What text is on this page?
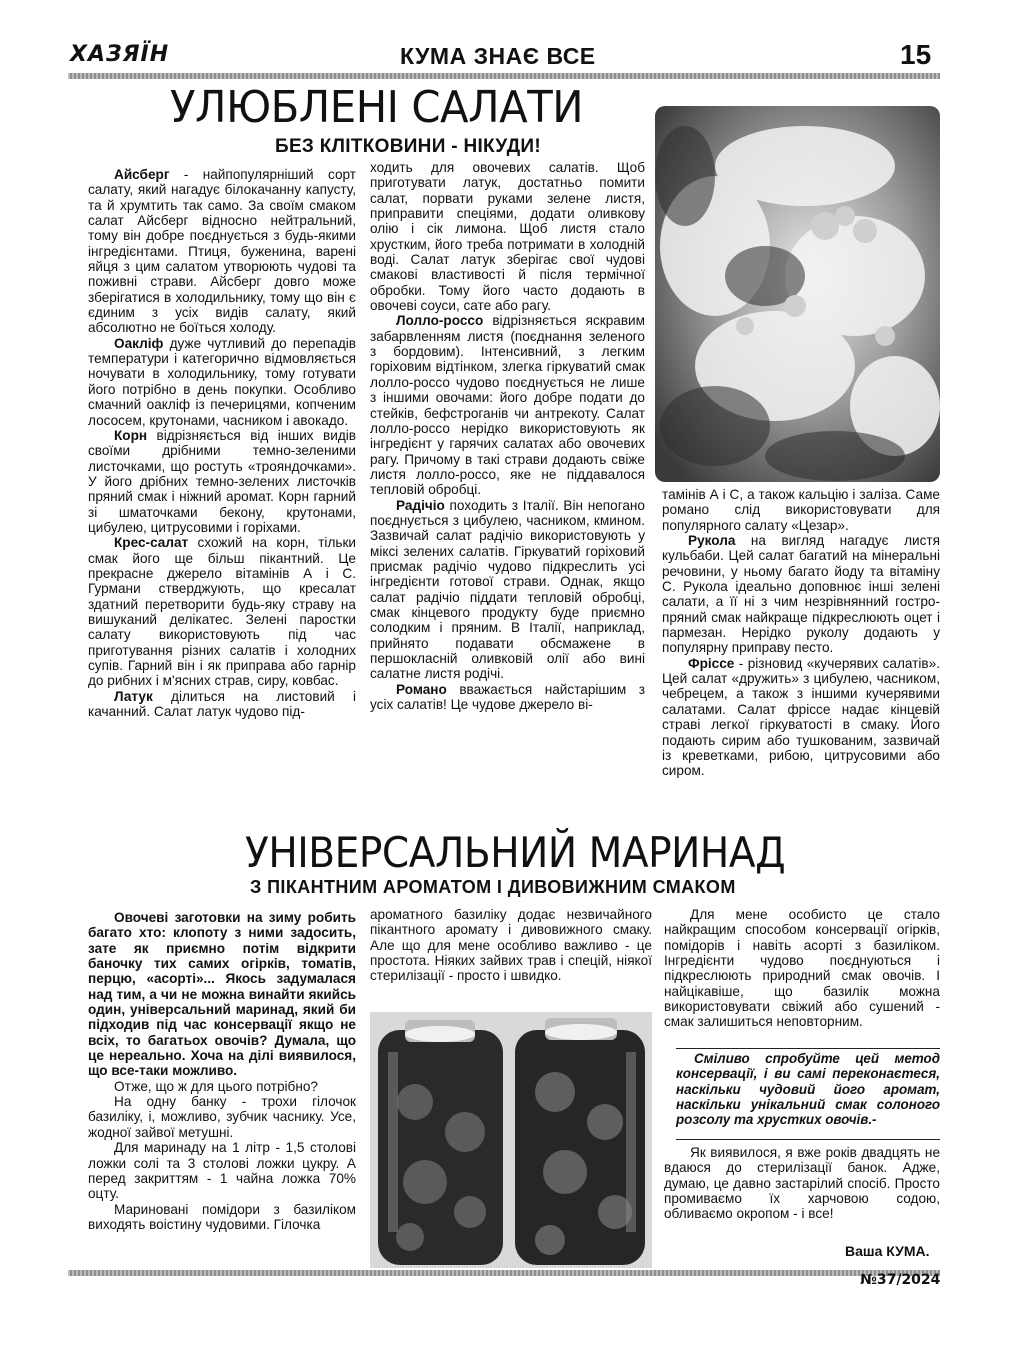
ХАЗЯЇН	КУМА ЗНАЄ ВСЕ	15
УЛЮБЛЕНІ САЛАТИ
БЕЗ КЛІТКОВИНИ - НІКУДИ!

Айсберг - найпопулярніший сорт салату, який нагадує білокачанну капусту, та й хрумтить так само. За своїм смаком салат Айсберг відносно нейтральний, тому він добре поєднується з будь-якими інгредієнтами. Птиця, буженина, варені яйця з цим салатом утворюють чудові та поживні страви. Айсберг довго може зберігатися в холодильнику, тому що він є єдиним з усіх видів салату, який абсолютно не боїться холоду.

Оакліф дуже чутливий до перепадів температури і категорично відмовляється ночувати в холодильнику, тому готувати його потрібно в день покупки. Особливо смачний оакліф із печерицями, копченим лососем, крутонами, часником і авокадо.

Корн відрізняється від інших видів своїми дрібними темно-зеленими листочками, що ростуть «трояндочками». У його дрібних темно-зелених листочків пряний смак і ніжний аромат. Корн гарний зі шматочками бекону, крутонами, цибулею, цитрусовими і горіхами.

Крес-салат схожий на корн, тільки смак його ще більш пікантний. Це прекрасне джерело вітамінів А і С. Гурмани стверджують, що кресалат здатний перетворити будь-яку страву на вишуканий делікатес. Зелені паростки салату використовують під час приготування різних салатів і холодних супів. Гарний він і як приправа або гарнір до рибних і м'ясних страв, сиру, ковбас.

Латук ділиться на листовий і качанний. Салат латук чудово під-

ходить для овочевих салатів. Щоб приготувати латук, достатньо помити салат, порвати руками зелене листя, приправити спеціями, додати оливкову олію і сік лимона. Щоб листя стало хрустким, його треба потримати в холодній воді. Салат латук зберігає свої чудові смакові властивості й після термічної обробки. Тому його часто додають в овочеві соуси, сате або рагу.

Лолло-россо відрізняється яскравим забарвленням листя (поєднання зеленого з бордовим). Інтенсивний, з легким горіховим відтінком, злегка гіркуватий смак лолло-россо чудово поєднується не лише з іншими овочами: його добре подати до стейків, бефстроганів чи антрекоту. Салат лолло-россо нерідко використовують як інгредієнт у гарячих салатах або овочевих рагу. Причому в такі страви додають свіже листя лолло-россо, яке не піддавалося тепловій обробці.

Радічіо походить з Італії. Він непогано поєднується з цибулею, часником, кмином. Зазвичай салат радічіо використовують у міксі зелених салатів. Гіркуватий горіховий присмак радічіо чудово підкреслить усі інгредієнти готової страви. Однак, якщо салат радічіо піддати тепловій обробці, смак кінцевого продукту буде приємно солодким і пряним. В Італії, наприклад, прийнято подавати обсмажене в першокласній оливковій олії або вині салатне листя родічі.

Романо вважається найстарішим з усіх салатів! Це чудове джерело ві-

тамінів А і С, а також кальцію і заліза. Саме романо слід використовувати для популярного салату «Цезар».

Рукола на вигляд нагадує листя кульбаби. Цей салат багатий на мінеральні речовини, у ньому багато йоду та вітаміну С. Рукола ідеально доповнює інші зелені салати, а її ні з чим незрівнянний гостро-пряний смак найкраще підкреслюють оцет і пармезан. Нерідко руколу додають у популярну приправу песто.

Фріссе - різновид «кучерявих салатів». Цей салат «дружить» з цибулею, часником, чебрецем, а також з іншими кучерявими салатами. Салат фріссе надає кінцевій страві легкої гіркуватості в смаку. Його подають сирим або тушкованим, зазвичай із креветками, рибою, цитрусовими або сиром.

УНІВЕРСАЛЬНИЙ МАРИНАД
З ПІКАНТНИМ АРОМАТОМ І ДИВОВИЖНИМ СМАКОМ

Овочеві заготовки на зиму робить багато хто: клопоту з ними задосить, зате як приємно потім відкрити баночку тих самих огірків, томатів, перцю, «асорті»... Якось задумалася над тим, а чи не можна винайти якийсь один, універсальний маринад, який би підходив під час консервації якщо не всіх, то багатьох овочів? Думала, що це нереально. Хоча на ділі виявилося, що все-таки можливо.

Отже, що ж для цього потрібно?

На одну банку - трохи гілочок базиліку, і, можливо, зубчик часнику. Усе, жодної зайвої метушні.

Для маринаду на 1 літр - 1,5 столові ложки солі та 3 столові ложки цукру. А перед закриттям - 1 чайна ложка 70% оцту.

Мариновані помідори з базиліком виходять воістину чудовими. Гілочка

ароматного базиліку додає незвичайного пікантного аромату і дивовижного смаку. Але що для мене особливо важливо - це простота. Ніяких зайвих трав і спецій, ніякої стерилізації - просто і швидко.

Для мене особисто це стало найкращим способом консервації огірків, помідорів і навіть асорті з базиліком. Інгредієнти чудово поєднуються і підкреслюють природний смак овочів. І найцікавіше, що базилік можна використовувати свіжий або сушений - смак залишиться неповторним.

Сміливо спробуйте цей метод консервації, і ви самі переконаєтеся, наскільки чудовий його аромат, наскільки унікальний смак солоного розсолу та хрустких овочів.-

Як виявилося, я вже років двадцять не вдаюся до стерилізації банок. Адже, думаю, це давно застарілий спосіб. Просто промиваємо їх харчовою содою, обливаємо окропом - і все!

Ваша КУМА.
№37/2024
